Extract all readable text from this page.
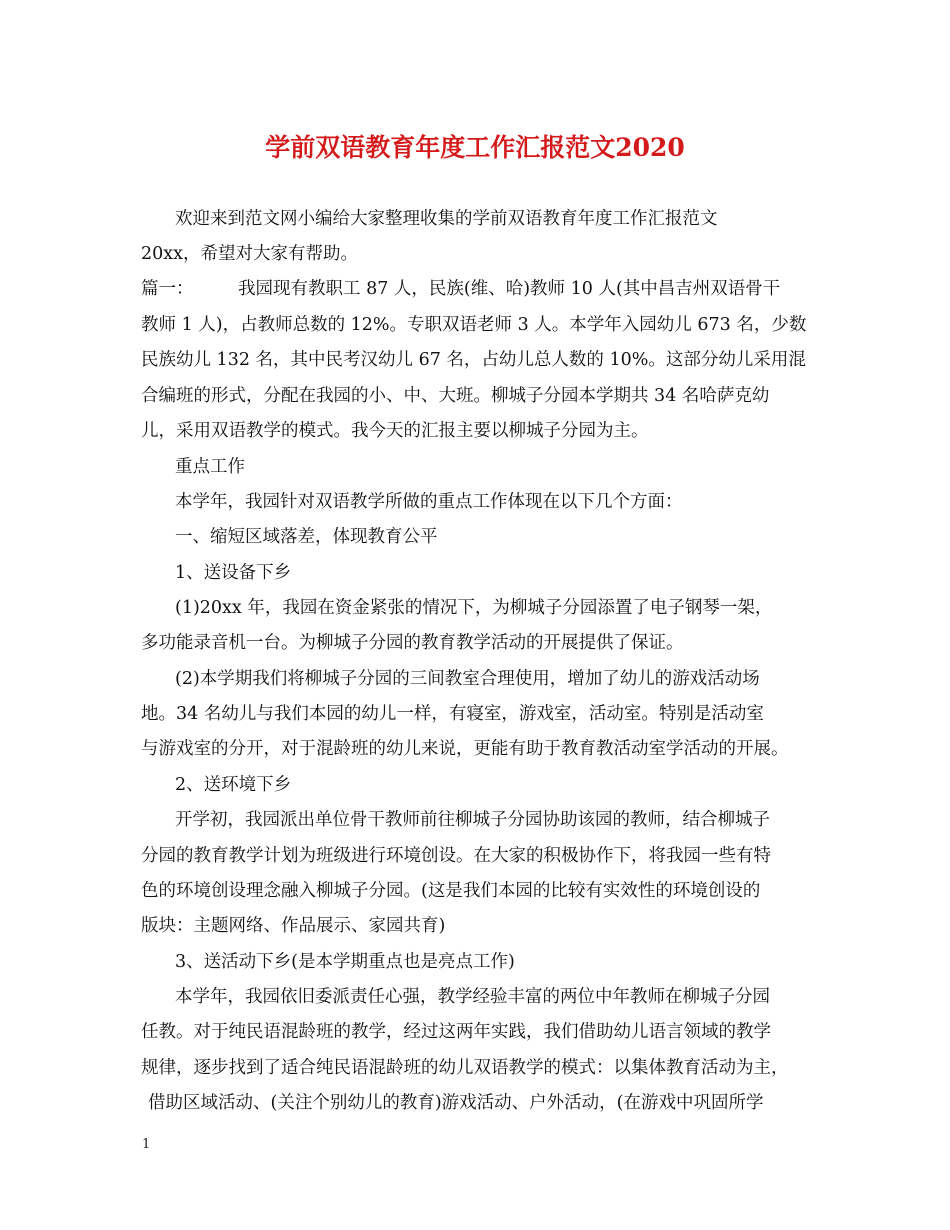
学前双语教育年度工作汇报范文2020
欢迎来到范文网小编给大家整理收集的学前双语教育年度工作汇报范文
20xx，希望对大家有帮助。
篇一：        我园现有教职工 87 人，民族(维、哈)教师 10 人(其中昌吉州双语骨干
教师 1 人)，占教师总数的 12%。专职双语老师 3 人。本学年入园幼儿 673 名，少数
民族幼儿 132 名，其中民考汉幼儿 67 名，占幼儿总人数的 10%。这部分幼儿采用混
合编班的形式，分配在我园的小、中、大班。柳城子分园本学期共 34 名哈萨克幼
儿，采用双语教学的模式。我今天的汇报主要以柳城子分园为主。
重点工作
本学年，我园针对双语教学所做的重点工作体现在以下几个方面：
一、缩短区域落差，体现教育公平
1、送设备下乡
(1)20xx 年，我园在资金紧张的情况下，为柳城子分园添置了电子钢琴一架，
多功能录音机一台。为柳城子分园的教育教学活动的开展提供了保证。
(2)本学期我们将柳城子分园的三间教室合理使用，增加了幼儿的游戏活动场
地。34 名幼儿与我们本园的幼儿一样，有寝室，游戏室，活动室。特别是活动室
与游戏室的分开，对于混龄班的幼儿来说，更能有助于教育教活动室学活动的开展。
2、送环境下乡
开学初，我园派出单位骨干教师前往柳城子分园协助该园的教师，结合柳城子
分园的教育教学计划为班级进行环境创设。在大家的积极协作下，将我园一些有特
色的环境创设理念融入柳城子分园。(这是我们本园的比较有实效性的环境创设的
版块：主题网络、作品展示、家园共育)
3、送活动下乡(是本学期重点也是亮点工作)
本学年，我园依旧委派责任心强，教学经验丰富的两位中年教师在柳城子分园
任教。对于纯民语混龄班的教学，经过这两年实践，我们借助幼儿语言领域的教学
规律，逐步找到了适合纯民语混龄班的幼儿双语教学的模式：以集体教育活动为主，
借助区域活动、(关注个别幼儿的教育)游戏活动、户外活动，(在游戏中巩固所学
1
